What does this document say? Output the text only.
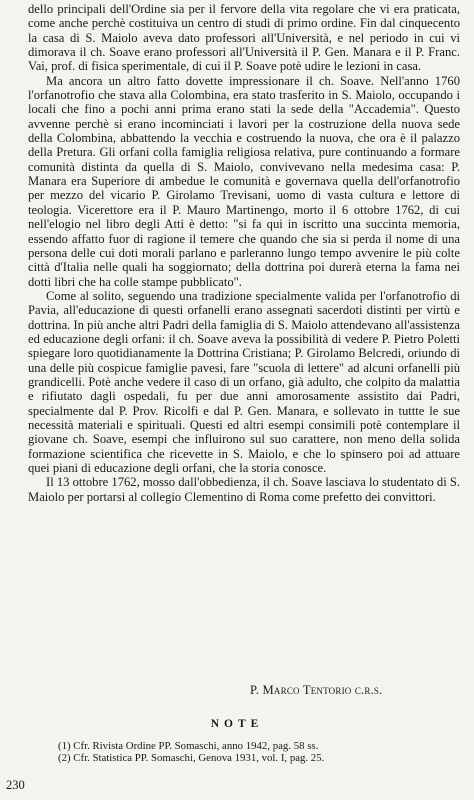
dello principali dell'Ordine sia per il fervore della vita regolare che vi era praticata, come anche perchè costituiva un centro di studi di primo ordine. Fin dal cinquecento la casa di S. Maiolo aveva dato professori all'Università, e nel periodo in cui vi dimorava il ch. Soave erano professori all'Università il P. Gen. Manara e il P. Franc. Vai, prof. di fisica sperimentale, di cui il P. Soave potè udire le lezioni in casa.

Ma ancora un altro fatto dovette impressionare il ch. Soave. Nell'anno 1760 l'orfanotrofio che stava alla Colombina, era stato trasferito in S. Maiolo, occupando i locali che fino a pochi anni prima erano stati la sede della "Accademia". Questo avvenne perchè si erano incominciati i lavori per la costruzione della nuova sede della Colombina, abbattendo la vecchia e costruendo la nuova, che ora è il palazzo della Pretura. Gli orfani colla famiglia religiosa relativa, pure continuando a formare comunità distinta da quella di S. Maiolo, convivevano nella medesima casa: P. Manara era Superiore di ambedue le comunità e governava quella dell'orfanotrofio per mezzo del vicario P. Girolamo Trevisani, uomo di vasta cultura e lettore di teologia. Vicerettore era il P. Mauro Martinengo, morto il 6 ottobre 1762, di cui nell'elogio nel libro degli Atti è detto: "si fa qui in iscritto una succinta memoria, essendo affatto fuor di ragione il temere che quando che sia si perda il nome di una persona delle cui doti morali parlano e parleranno lungo tempo avvenire le più colte città d'Italia nelle quali ha soggiornato; della dottrina poi durerà eterna la fama nei dotti libri che ha colle stampe pubblicato".

Come al solito, seguendo una tradizione specialmente valida per l'orfanotrofio di Pavia, all'educazione di questi orfanelli erano assegnati sacerdoti distinti per virtù e dottrina. In più anche altri Padri della famiglia di S. Maiolo attendevano all'assistenza ed educazione degli orfani: il ch. Soave aveva la possibilità di vedere P. Pietro Poletti spiegare loro quotidianamente la Dottrina Cristiana; P. Girolamo Belcredi, oriundo di una delle più cospicue famiglie pavesi, fare "scuola di lettere" ad alcuni orfanelli più grandicelli. Potè anche vedere il caso di un orfano, già adulto, che colpito da malattia e rifiutato dagli ospedali, fu per due anni amorosamente assistito dai Padri, specialmente dal P. Prov. Ricolfi e dal P. Gen. Manara, e sollevato in tuttte le sue necessità materiali e spirituali. Questi ed altri esempi consimili potè contemplare il giovane ch. Soave, esempi che influirono sul suo carattere, non meno della solida formazione scientifica che ricevette in S. Maiolo, e che lo spinsero poi ad attuare quei piani di educazione degli orfani, che la storia conosce.

Il 13 ottobre 1762, mosso dall'obbedienza, il ch. Soave lasciava lo studentato di S. Maiolo per portarsi al collegio Clementino di Roma come prefetto dei convittori.

P. Marco Tentorio c.r.s.
NOTE
(1) Cfr. Rivista Ordine PP. Somaschi, anno 1942, pag. 58 ss.
(2) Cfr. Statistica PP. Somaschi, Genova 1931, vol. I, pag. 25.
230
